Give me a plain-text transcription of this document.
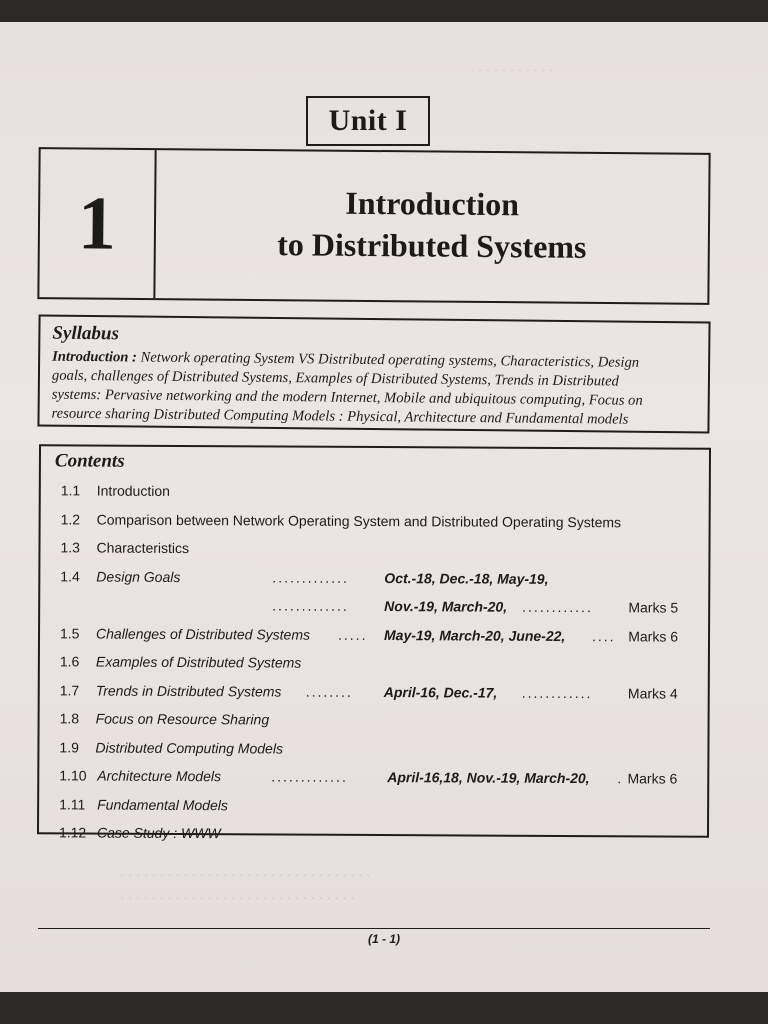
· · · · · · · · · · ·
· · · · · · · · · · · · · · · · · · · · · · · · · · · · · · · ·
· · · · · · · · · · · · · · · · · · · · · · · · · · · · · ·
Unit I
1	Introduction
to Distributed Systems
Syllabus
Introduction : Network operating System VS Distributed operating systems, Characteristics, Design
goals, challenges of Distributed Systems, Examples of Distributed Systems, Trends in Distributed
systems: Pervasive networking and the modern Internet, Mobile and ubiquitous computing, Focus on
resource sharing Distributed Computing Models : Physical, Architecture and Fundamental models
Contents
1.1 Introduction
1.2 Comparison between Network Operating System and Distributed Operating Systems
1.3 Characteristics
1.4 Design Goals	.............	Oct.-18, Dec.-18, May-19,
.............	Nov.-19, March-20, ............	Marks 5
1.5 Challenges of Distributed Systems ..... May-19, March-20, June-22, .... Marks 6
1.6 Examples of Distributed Systems
1.7 Trends in Distributed Systems ........ April-16, Dec.-17, ............	Marks 4
1.8 Focus on Resource Sharing
1.9 Distributed Computing Models
1.10 Architecture Models	.............	April-16,18, Nov.-19, March-20, . Marks 6
1.11 Fundamental Models
1.12 Case Study : WWW
(1 - 1)
